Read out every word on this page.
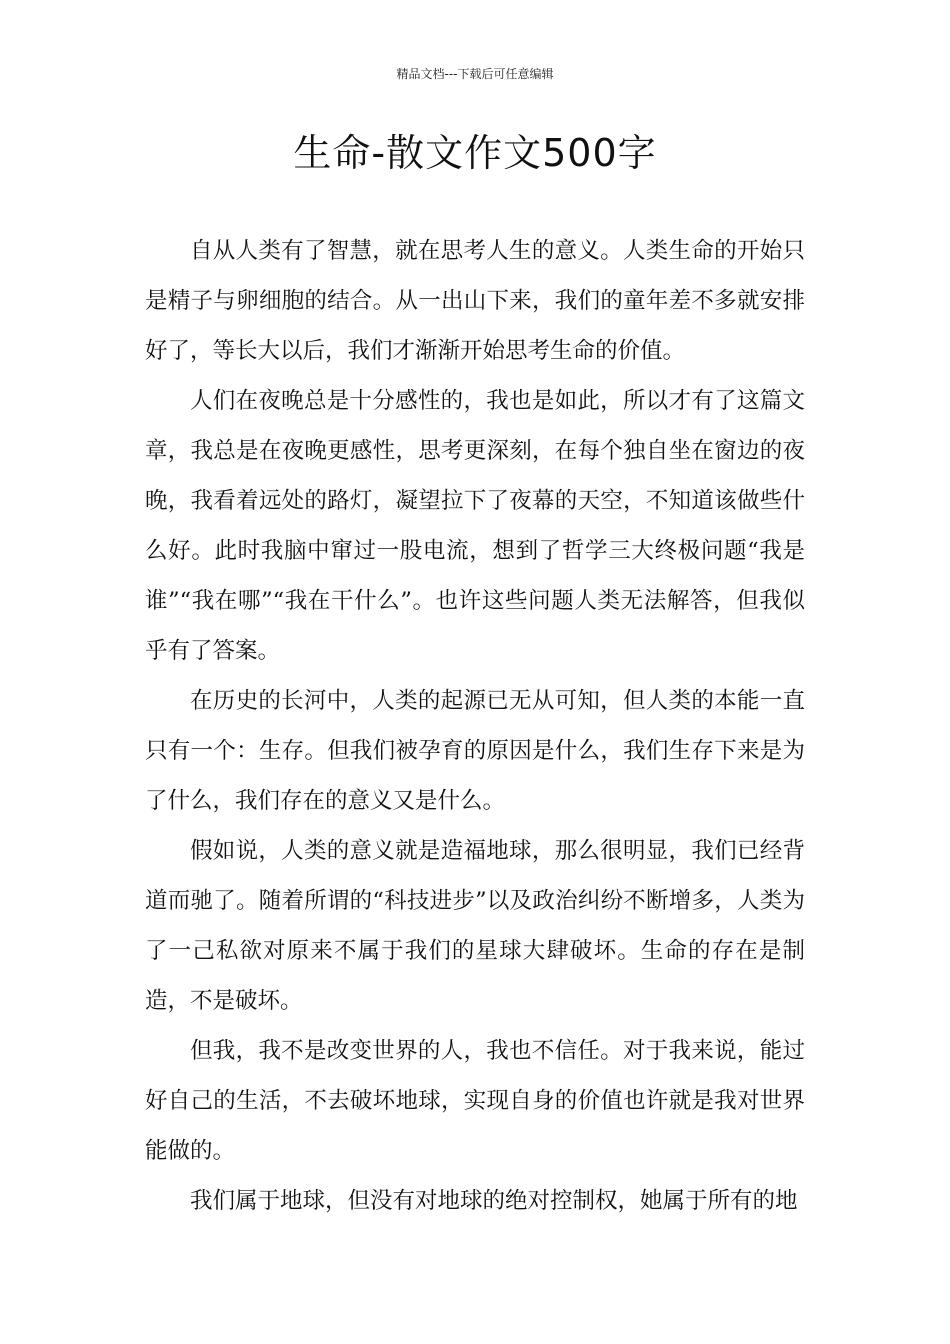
精品文档---下载后可任意编辑
生命-散文作文500字

自从人类有了智慧，就在思考人生的意义。人类生命的开始只是精子与卵细胞的结合。从一出山下来，我们的童年差不多就安排好了，等长大以后，我们才渐渐开始思考生命的价值。

人们在夜晚总是十分感性的，我也是如此，所以才有了这篇文章，我总是在夜晚更感性，思考更深刻，在每个独自坐在窗边的夜晚，我看着远处的路灯，凝望拉下了夜幕的天空，不知道该做些什么好。此时我脑中窜过一股电流，想到了哲学三大终极问题“我是谁”“我在哪”“我在干什么”。也许这些问题人类无法解答，但我似乎有了答案。

在历史的长河中，人类的起源已无从可知，但人类的本能一直只有一个：生存。但我们被孕育的原因是什么，我们生存下来是为了什么，我们存在的意义又是什么。

假如说，人类的意义就是造福地球，那么很明显，我们已经背道而驰了。随着所谓的“科技进步”以及政治纠纷不断增多，人类为了一己私欲对原来不属于我们的星球大肆破坏。生命的存在是制造，不是破坏。

但我，我不是改变世界的人，我也不信任。对于我来说，能过好自己的生活，不去破坏地球，实现自身的价值也许就是我对世界能做的。

我们属于地球，但没有对地球的绝对控制权，她属于所有的地
